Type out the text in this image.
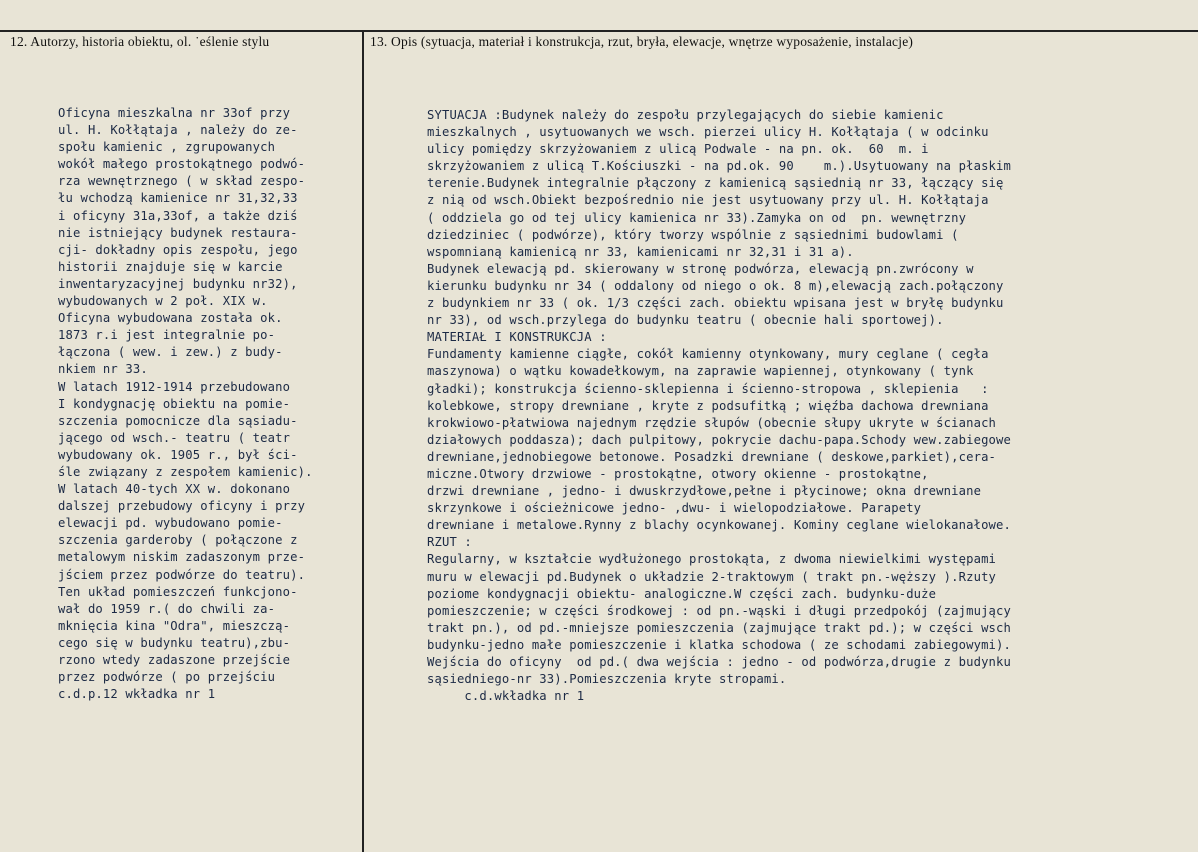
12. Autorzy, historia obiektu, ol. ˙eślenie stylu	13. Opis (sytuacja, materiał i konstrukcja, rzut, bryła, elewacje, wnętrze wyposażenie, instalacje)
Oficyna mieszkalna nr 33of przy
ul. H. Kołłątaja , należy do ze-
społu kamienic , zgrupowanych
wokół małego prostokątnego podwó-
rza wewnętrznego ( w skład zespo-
łu wchodzą kamienice nr 31,32,33
i oficyny 31a,33of, a także dziś
nie istniejący budynek restaura-
cji- dokładny opis zespołu, jego
historii znajduje się w karcie
inwentaryzacyjnej budynku nr32),
wybudowanych w 2 poł. XIX w.
Oficyna wybudowana została ok.
1873 r.i jest integralnie po-
łączona ( wew. i zew.) z budy-
nkiem nr 33.
W latach 1912-1914 przebudowano
I kondygnację obiektu na pomie-
szczenia pomocnicze dla sąsiadu-
jącego od wsch.- teatru ( teatr
wybudowany ok. 1905 r., był ści-
śle związany z zespołem kamienic).
W latach 40-tych XX w. dokonano
dalszej przebudowy oficyny i przy
elewacji pd. wybudowano pomie-
szczenia garderoby ( połączone z
metalowym niskim zadaszonym prze-
jściem przez podwórze do teatru).
Ten układ pomieszczeń funkcjono-
wał do 1959 r.( do chwili za-
mknięcia kina "Odra", mieszczą-
cego się w budynku teatru),zbu-
rzono wtedy zadaszone przejście
przez podwórze ( po przejściu
c.d.p.12 wkładka nr 1
SYTUACJA :Budynek należy do zespołu przylegających do siebie kamienic
mieszkalnych , usytuowanych we wsch. pierzei ulicy H. Kołłątaja ( w odcinku
ulicy pomiędzy skrzyżowaniem z ulicą Podwale - na pn. ok.  60  m. i
skrzyżowaniem z ulicą T.Kościuszki - na pd.ok. 90    m.).Usytuowany na płaskim
terenie.Budynek integralnie płączony z kamienicą sąsiednią nr 33, łączący się
z nią od wsch.Obiekt bezpośrednio nie jest usytuowany przy ul. H. Kołłątaja
( oddziela go od tej ulicy kamienica nr 33).Zamyka on od  pn. wewnętrzny
dziedziniec ( podwórze), który tworzy wspólnie z sąsiednimi budowlami (
wspomnianą kamienicą nr 33, kamienicami nr 32,31 i 31 a).
Budynek elewacją pd. skierowany w stronę podwórza, elewacją pn.zwrócony w
kierunku budynku nr 34 ( oddalony od niego o ok. 8 m),elewacją zach.połączony
z budynkiem nr 33 ( ok. 1/3 części zach. obiektu wpisana jest w bryłę budynku
nr 33), od wsch.przylega do budynku teatru ( obecnie hali sportowej).
MATERIAŁ I KONSTRUKCJA :
Fundamenty kamienne ciągłe, cokół kamienny otynkowany, mury ceglane ( cegła
maszynowa) o wątku kowadełkowym, na zaprawie wapiennej, otynkowany ( tynk
gładki); konstrukcja ścienno-sklepienna i ścienno-stropowa , sklepienia   :
kolebkowe, stropy drewniane , kryte z podsufitką ; więźba dachowa drewniana
krokwiowo-płatwiowa najednym rzędzie słupów (obecnie słupy ukryte w ścianach
działowych poddasza); dach pulpitowy, pokrycie dachu-papa.Schody wew.zabiegowe
drewniane,jednobiegowe betonowe. Posadzki drewniane ( deskowe,parkiet),cera-
miczne.Otwory drzwiowe - prostokątne, otwory okienne - prostokątne,
drzwi drewniane , jedno- i dwuskrzydłowe,pełne i płycinowe; okna drewniane
skrzynkowe i ościeżnicowe jedno- ,dwu- i wielopodziałowe. Parapety
drewniane i metalowe.Rynny z blachy ocynkowanej. Kominy ceglane wielokanałowe.
RZUT :
Regularny, w kształcie wydłużonego prostokąta, z dwoma niewielkimi występami
muru w elewacji pd.Budynek o układzie 2-traktowym ( trakt pn.-węższy ).Rzuty
poziome kondygnacji obiektu- analogiczne.W części zach. budynku-duże
pomieszczenie; w części środkowej : od pn.-wąski i długi przedpokój (zajmujący
trakt pn.), od pd.-mniejsze pomieszczenia (zajmujące trakt pd.); w części wsch
budynku-jedno małe pomieszczenie i klatka schodowa ( ze schodami zabiegowymi).
Wejścia do oficyny  od pd.( dwa wejścia : jedno - od podwórza,drugie z budynku
sąsiedniego-nr 33).Pomieszczenia kryte stropami.
c.d.wkładka nr 1
